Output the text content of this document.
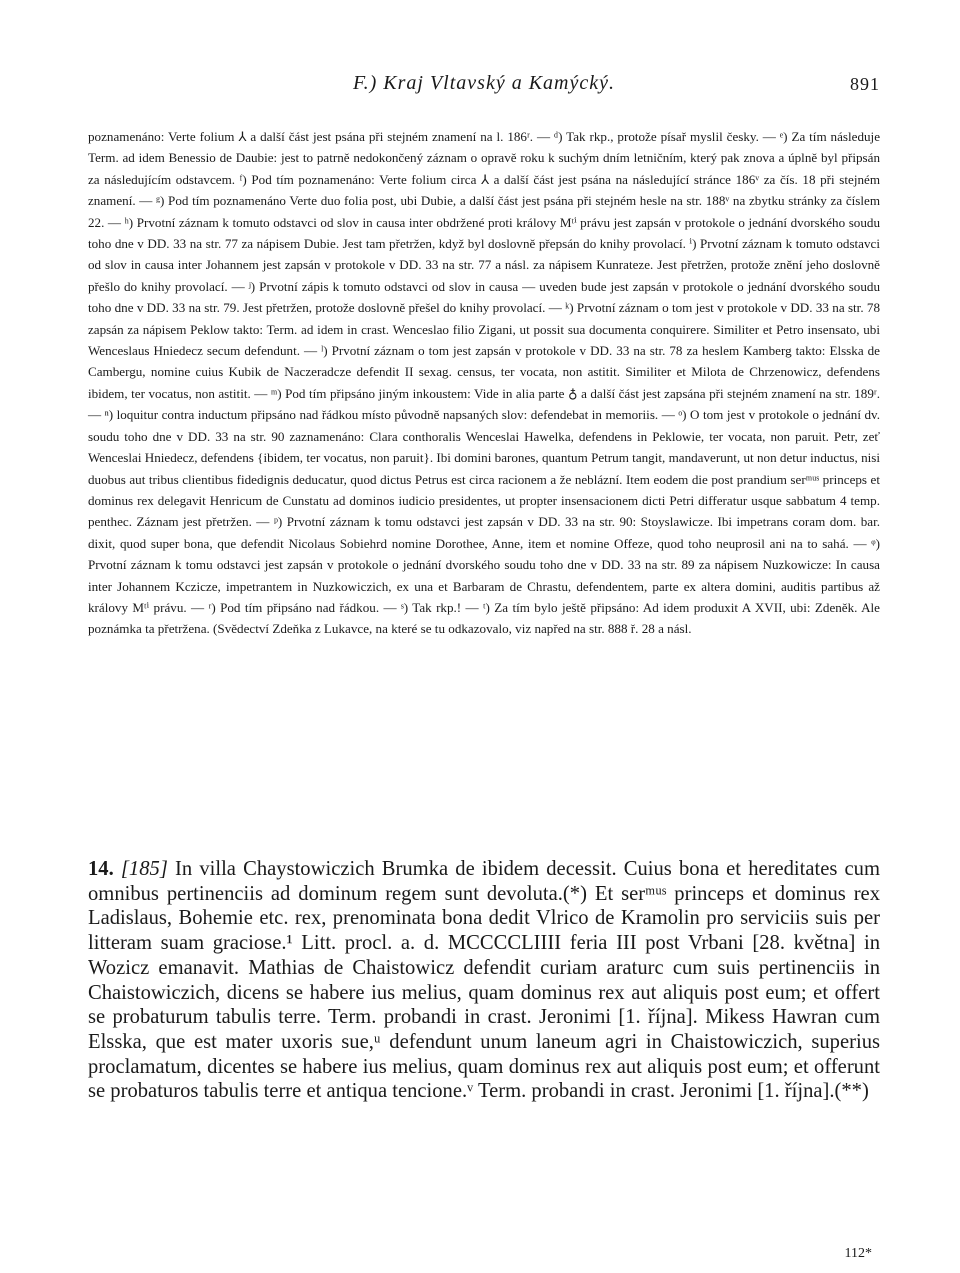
F.) Kraj Vltavský a Kamýcký.	891
poznamenáno: Verte folium ⅄ a další část jest psána při stejném znamení na l. 186ʳ. — ᵈ) Tak rkp., protože písař myslil česky. — ᵉ) Za tím následuje Term. ad idem Benessio de Daubie: jest to patrně nedokončený záznam o opravě roku k suchým dním letničním, který pak znova a úplně byl připsán za následujícím odstavcem. ᶠ) Pod tím poznamenáno: Verte folium circa ⅄ a další část jest psána na následující stránce 186ᵛ za čís. 18 při stejném znamení. — ᵍ) Pod tím poznamenáno Verte duo folia post, ubi Dubie, a další část jest psána při stejném hesle na str. 188ᵛ na zbytku stránky za číslem 22. — ʰ) Prvotní záznam k tomuto odstavci od slov in causa inter obdržené proti královy Mᵗⁱ právu jest zapsán v protokole o jednání dvorského soudu toho dne v DD. 33 na str. 77 za nápisem Dubie. Jest tam přetržen, když byl doslovně přepsán do knihy provolací. ⁱ) Prvotní záznam k tomuto odstavci od slov in causa inter Johannem jest zapsán v protokole v DD. 33 na str. 77 a násl. za nápisem Kunrateze. Jest přetržen, protože znění jeho doslovně přešlo do knihy provolací. — ʲ) Prvotní zápis k tomuto odstavci od slov in causa — uveden bude jest zapsán v protokole o jednání dvorského soudu toho dne v DD. 33 na str. 79. Jest přetržen, protože doslovně přešel do knihy provolací. — ᵏ) Prvotní záznam o tom jest v protokole v DD. 33 na str. 78 zapsán za nápisem Peklow takto: Term. ad idem in crast. Wenceslao filio Zigani, ut possit sua documenta conquirere. Similiter et Petro insensato, ubi Wenceslaus Hniedecz secum defendunt. — ˡ) Prvotní záznam o tom jest zapsán v protokole v DD. 33 na str. 78 za heslem Kamberg takto: Elsska de Cambergu, nomine cuius Kubik de Naczeradcze defendit II sexag. census, ter vocata, non astitit. Similiter et Milota de Chrzenowicz, defendens ibidem, ter vocatus, non astitit. — ᵐ) Pod tím připsáno jiným inkoustem: Vide in alia parte ♁ a další část jest zapsána při stejném znamení na str. 189ʳ. — ⁿ) loquitur contra inductum připsáno nad řádkou místo původně napsaných slov: defendebat in memoriis. — ᵒ) O tom jest v protokole o jednání dv. soudu toho dne v DD. 33 na str. 90 zaznamenáno: Clara conthoralis Wenceslai Hawelka, defendens in Peklowie, ter vocata, non paruit. Petr, zeť Wenceslai Hniedecz, defendens {ibidem, ter vocatus, non paruit}. Ibi domini barones, quantum Petrum tangit, mandaverunt, ut non detur inductus, nisi duobus aut tribus clientibus fidedignis deducatur, quod dictus Petrus est circa racionem a že neblázní. Item eodem die post prandium serᵐᵘˢ princeps et dominus rex delegavit Henricum de Cunstatu ad dominos iudicio presidentes, ut propter insensacionem dicti Petri differatur usque sabbatum 4 temp. penthec. Záznam jest přetržen. — ᵖ) Prvotní záznam k tomu odstavci jest zapsán v DD. 33 na str. 90: Stoyslawicze. Ibi impetrans coram dom. bar. dixit, quod super bona, que defendit Nicolaus Sobiehrd nomine Dorothee, Anne, item et nomine Offeze, quod toho neuprosil ani na to sahá. — ᵠ) Prvotní záznam k tomu odstavci jest zapsán v protokole o jednání dvorského soudu toho dne v DD. 33 na str. 89 za nápisem Nuzkowicze: In causa inter Johannem Kczicze, impetrantem in Nuzkowiczich, ex una et Barbaram de Chrastu, defendentem, parte ex altera domini, auditis partibus až královy Mᵗⁱ právu. — ʳ) Pod tím připsáno nad řádkou. — ˢ) Tak rkp.! — ᵗ) Za tím bylo ještě připsáno: Ad idem produxit A XVII, ubi: Zdeněk. Ale poznámka ta přetržena. (Svědectví Zdeňka z Lukavce, na které se tu odkazovalo, viz napřed na str. 888 ř. 28 a násl.
14. [185] In villa Chaystowiczich Brumka de ibidem decessit. Cuius bona et hereditates cum omnibus pertinenciis ad dominum regem sunt devoluta.(*) Et serᵐᵘˢ princeps et dominus rex Ladislaus, Bohemie etc. rex, prenominata bona dedit Vlrico de Kramolin pro serviciis suis per litteram suam graciose.¹ Litt. procl. a. d. MCCCCLIIII feria III post Vrbani [28. května] in Wozicz emanavit. Mathias de Chaistowicz defendit curiam araturc cum suis pertinenciis in Chaistowiczich, dicens se habere ius melius, quam dominus rex aut aliquis post eum; et offert se probaturum tabulis terre. Term. probandi in crast. Jeronimi [1. října]. Mikess Hawran cum Elsska, que est mater uxoris sue,ᵘ defendunt unum laneum agri in Chaistowiczich, superius proclamatum, dicentes se habere ius melius, quam dominus rex aut aliquis post eum; et offerunt se probaturos tabulis terre et antiqua tencione.ᵛ Term. probandi in crast. Jeronimi [1. října].(**)
112*
